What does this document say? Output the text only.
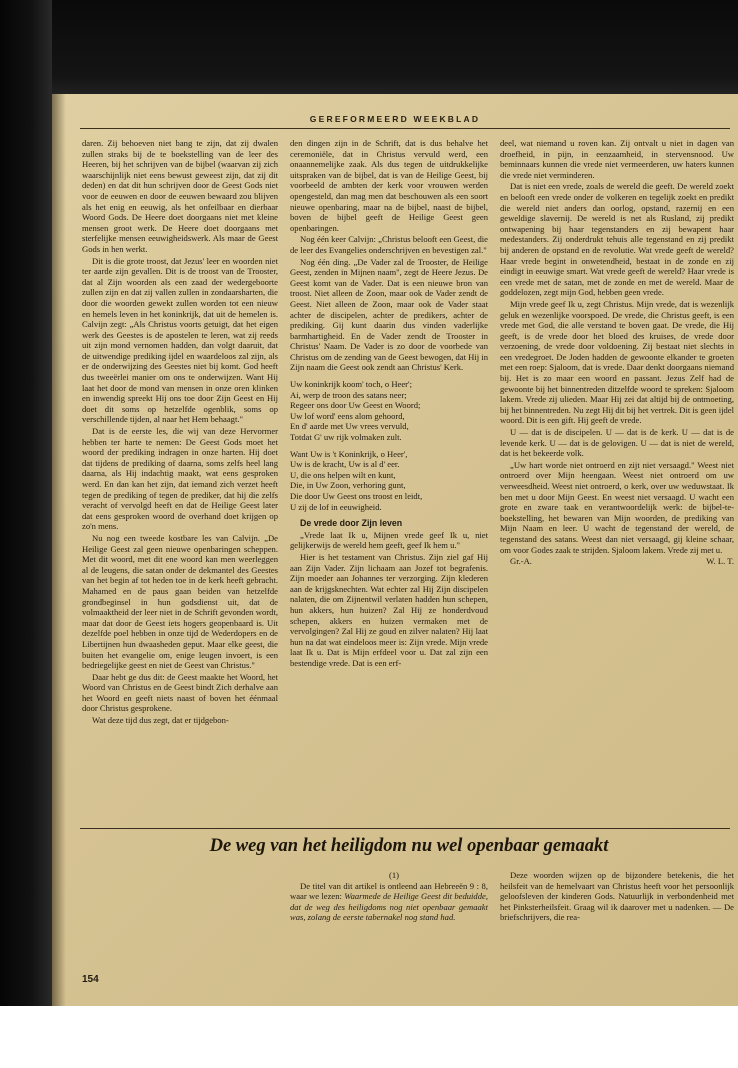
GEREFORMEERD WEEKBLAD

daren. Zij behoeven niet bang te zijn, dat zij dwalen zullen straks bij de te boekstelling van de leer des Heeren, bij het schrijven van de bijbel (waarvan zij zich waarschijnlijk niet eens bewust geweest zijn, dat zij dit deden) en dat dit hun schrijven door de Geest Gods niet voor de eeuwen en door de eeuwen bewaard zou blijven als het enig en eeuwig, als het onfeilbaar en dierbaar Woord Gods. De Heere doet doorgaans niet met kleine mensen groot werk. De Heere doet doorgaans met sterfelijke mensen eeuwigheidswerk. Als maar de Geest Gods in hen werkt.

Dit is die grote troost, dat Jezus' leer en woorden niet ter aarde zijn gevallen. Dit is de troost van de Trooster, dat al Zijn woorden als een zaad der wedergeboorte zullen zijn en dat zij vallen zullen in zondaarsharten, die door die woorden gewekt zullen worden tot een nieuw en hemels leven in het koninkrijk, dat uit de hemelen is. Calvijn zegt: „Als Christus voorts getuigt, dat het eigen werk des Geestes is de apostelen te leren, wat zij reeds uit zijn mond vernomen hadden, dan volgt daaruit, dat de uitwendige prediking ijdel en waardeloos zal zijn, als er de onderwijzing des Geestes niet bij komt. God heeft dus tweeërlei manier om ons te onderwijzen. Want Hij laat het door de mond van mensen in onze oren klinken en inwendig spreekt Hij ons toe door Zijn Geest en Hij doet dit soms op hetzelfde ogenblik, soms op verschillende tijden, al naar het Hem behaagt."

Dat is de eerste les, die wij van deze Hervormer hebben ter harte te nemen: De Geest Gods moet het woord der prediking indragen in onze harten. Hij doet dat tijdens de prediking of daarna, soms zelfs heel lang daarna, als Hij indachtig maakt, wat eens gesproken werd. En dan kan het zijn, dat iemand zich verzet heeft tegen de prediking of tegen de prediker, dat hij die zelfs veracht of vervolgd heeft en dat de Heilige Geest later dat eens gesproken woord de overhand doet krijgen op zo'n mens.

Nu nog een tweede kostbare les van Calvijn. „De Heilige Geest zal geen nieuwe openbaringen scheppen. Met dit woord, met dit ene woord kan men weerleggen al de leugens, die satan onder de dekmantel des Geestes van het begin af tot heden toe in de kerk heeft gebracht. Mahamed en de paus gaan beiden van hetzelfde grondbeginsel in hun godsdienst uit, dat de volmaaktheid der leer niet in de Schrift gevonden wordt, maar dat door de Geest iets hogers geopenbaard is. Uit dezelfde poel hebben in onze tijd de Wederdopers en de Libertijnen hun dwaasheden geput. Maar elke geest, die buiten het evangelie om, enige leugen invoert, is een bedriegelijke geest en niet de Geest van Christus."

Daar hebt ge dus dit: de Geest maakte het Woord, het Woord van Christus en de Geest bindt Zich derhalve aan het Woord en geeft niets naast of boven het éénmaal door Christus gesprokene.

Wat deze tijd dus zegt, dat er tijdgebon-

den dingen zijn in de Schrift, dat is dus behalve het ceremoniële, dat in Christus vervuld werd, een onaannemelijke zaak. Als dus tegen de uitdrukkelijke uitspraken van de bijbel, dat is van de Heilige Geest, bij voorbeeld de ambten der kerk voor vrouwen werden opengesteld, dan mag men dat beschouwen als een soort nieuwe openbaring, maar na de bijbel, naast de bijbel, boven de bijbel geeft de Heilige Geest geen openbaringen.

Nog één keer Calvijn: „Christus belooft een Geest, die de leer des Evangelies onderschrijven en bevestigen zal."

Nog één ding. „De Vader zal de Trooster, de Heilige Geest, zenden in Mijnen naam", zegt de Heere Jezus. De Geest komt van de Vader. Dat is een nieuwe bron van troost. Niet alleen de Zoon, maar ook de Vader zendt de Geest. Niet alleen de Zoon, maar ook de Vader staat achter de discipelen, achter de predikers, achter de prediking. Gij kunt daarin dus vinden vaderlijke barmhartigheid. En de Vader zendt de Trooster in Christus' Naam. De Vader is zo door de voorbede van Christus om de zending van de Geest bewogen, dat Hij in Zijn naam die Geest ook zendt aan Christus' Kerk.

Uw koninkrijk koom' toch, o Heer';
Ai, werp de troon des satans neer;
Regeer ons door Uw Geest en Woord;
Uw lof word' eens alom gehoord,
En d' aarde met Uw vrees vervuld,
Totdat G' uw rijk volmaken zult.
Want Uw is 't Koninkrijk, o Heer',
Uw is de kracht, Uw is al d' eer.
U, die ons helpen wilt en kunt,
Die, in Uw Zoon, verhoring gunt,
Die door Uw Geest ons troost en leidt,
U zij de lof in eeuwigheid.

De vrede door Zijn leven

„Vrede laat Ik u, Mijnen vrede geef Ik u, niet gelijkerwijs de wereld hem geeft, geef Ik hem u."

Hier is het testament van Christus. Zijn ziel gaf Hij aan Zijn Vader. Zijn lichaam aan Jozef tot begrafenis. Zijn moeder aan Johannes ter verzorging. Zijn klederen aan de krijgsknechten. Wat echter zal Hij Zijn discipelen nalaten, die om Zijnentwil verlaten hadden hun schepen, hun akkers, hun huizen? Zal Hij ze honderdvoud schepen, akkers en huizen vermaken met de vervolgingen? Zal Hij ze goud en zilver nalaten? Hij laat hun na dat wat eindeloos meer is: Zijn vrede. Mijn vrede laat Ik u. Dat is Mijn erfdeel voor u. Dat zal zijn een bestendige vrede. Dat is een erf-

deel, wat niemand u roven kan. Zij ontvalt u niet in dagen van droefheid, in pijn, in eenzaamheid, in stervensnood. Uw beminnaars kunnen die vrede niet vermeerderen, uw haters kunnen die vrede niet verminderen.

Dat is niet een vrede, zoals de wereld die geeft. De wereld zoekt en belooft een vrede onder de volkeren en tegelijk zoekt en predikt die wereld niet anders dan oorlog, opstand, razernij en een geweldige slavernij. De wereld is net als Rusland, zij predikt ontwapening bij haar tegenstanders en zij bewapent haar medestanders. Zij onderdrukt tehuis alle tegenstand en zij predikt bij anderen de opstand en de revolutie. Wat vrede geeft de wereld? Haar vrede begint in onwetendheid, bestaat in de zonde en zij eindigt in eeuwige smart. Wat vrede geeft de wereld? Haar vrede is een vrede met de satan, met de zonde en met de wereld. Maar de goddelozen, zegt mijn God, hebben geen vrede.

Mijn vrede geef Ik u, zegt Christus. Mijn vrede, dat is wezenlijk geluk en wezenlijke voorspoed. De vrede, die Christus geeft, is een vrede met God, die alle verstand te boven gaat. De vrede, die Hij geeft, is de vrede door het bloed des kruises, de vrede door verzoening, de vrede door voldoening. Zij bestaat niet slechts in een vredegroet. De Joden hadden de gewoonte elkander te groeten met een roep: Sjaloom, dat is vrede. Daar denkt doorgaans niemand bij. Het is zo maar een woord en passant. Jezus Zelf had de gewoonte bij het binnentreden ditzelfde woord te spreken: Sjaloom lakem. Vrede zij ulieden. Maar Hij zei dat altijd bij de ontmoeting, bij het binnentreden. Nu zegt Hij dit bij het vertrek. Dit is geen ijdel woord. Dit is een gift. Hij geeft de vrede.

U — dat is de discipelen. U — dat is de kerk. U — dat is de levende kerk. U — dat is de gelovigen. U — dat is niet de wereld, dat is het bekeerde volk.

„Uw hart worde niet ontroerd en zijt niet versaagd." Weest niet ontroerd over Mijn heengaan. Weest niet ontroerd om uw verweesdheid. Weest niet ontroerd, o kerk, over uw weduwstaat. Ik ben met u door Mijn Geest. En weest niet versaagd. U wacht een grote en zware taak en verantwoordelijk werk: de bijbel-te-boekstelling, het bewaren van Mijn woorden, de prediking van Mijn Naam en leer. U wacht de tegenstand der wereld, de tegenstand des satans. Weest dan niet versaagd, gij kleine schaar, om voor Godes zaak te strijden. Sjaloom lakem. Vrede zij met u.

Gr.-A.	W. L. T.

De weg van het heiligdom nu wel openbaar gemaakt

(1)

De titel van dit artikel is ontleend aan Hebreeën 9 : 8, waar we lezen: Waarmede de Heilige Geest dit beduidde, dat de weg des heiligdoms nog niet openbaar gemaakt was, zolang de eerste tabernakel nog stand had.

Deze woorden wijzen op de bijzondere betekenis, die het heilsfeit van de hemelvaart van Christus heeft voor het persoonlijk geloofsleven der kinderen Gods. Natuurlijk in verbondenheid met het Pinksterheilsfeit. Graag wil ik daarover met u nadenken. — De briefschrijvers, die rea-

154
